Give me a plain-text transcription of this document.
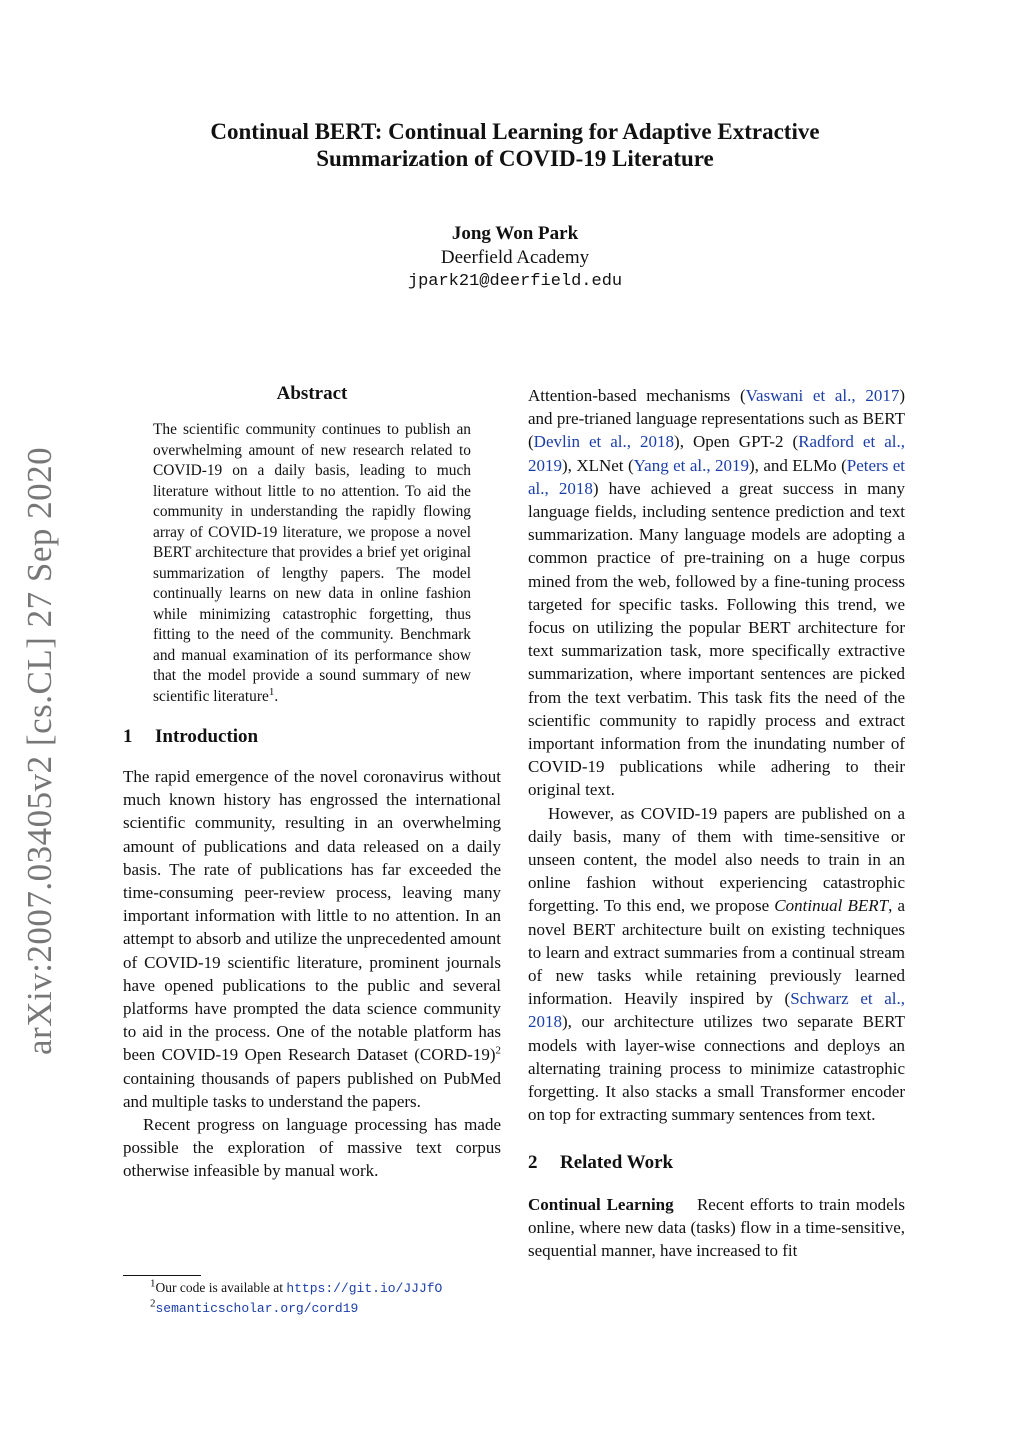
arXiv:2007.03405v2 [cs.CL] 27 Sep 2020
Continual BERT: Continual Learning for Adaptive Extractive
Summarization of COVID-19 Literature
Jong Won Park
Deerfield Academy
jpark21@deerfield.edu
Abstract
The scientific community continues to publish an overwhelming amount of new research related to COVID-19 on a daily basis, leading to much literature without little to no attention. To aid the community in understanding the rapidly flowing array of COVID-19 literature, we propose a novel BERT architecture that provides a brief yet original summarization of lengthy papers. The model continually learns on new data in online fashion while minimizing catastrophic forgetting, thus fitting to the need of the community. Benchmark and manual examination of its performance show that the model provide a sound summary of new scientific literature$^1$.
1 Introduction

The rapid emergence of the novel coronavirus without much known history has engrossed the international scientific community, resulting in an overwhelming amount of publications and data released on a daily basis. The rate of publications has far exceeded the time-consuming peer-review process, leaving many important information with little to no attention. In an attempt to absorb and utilize the unprecedented amount of COVID-19 scientific literature, prominent journals have opened publications to the public and several platforms have prompted the data science community to aid in the process. One of the notable platform has been COVID-19 Open Research Dataset (CORD-19)$^2$ containing thousands of papers published on PubMed and multiple tasks to understand the papers.

Recent progress on language processing has made possible the exploration of massive text corpus otherwise infeasible by manual work.

Attention-based mechanisms (Vaswani et al., 2017) and pre-trianed language representations such as BERT (Devlin et al., 2018), Open GPT-2 (Radford et al., 2019), XLNet (Yang et al., 2019), and ELMo (Peters et al., 2018) have achieved a great success in many language fields, including sentence prediction and text summarization. Many language models are adopting a common practice of pre-training on a huge corpus mined from the web, followed by a fine-tuning process targeted for specific tasks. Following this trend, we focus on utilizing the popular BERT architecture for text summarization task, more specifically extractive summarization, where important sentences are picked from the text verbatim. This task fits the need of the scientific community to rapidly process and extract important information from the inundating number of COVID-19 publications while adhering to their original text.

However, as COVID-19 papers are published on a daily basis, many of them with time-sensitive or unseen content, the model also needs to train in an online fashion without experiencing catastrophic forgetting. To this end, we propose Continual BERT, a novel BERT architecture built on existing techniques to learn and extract summaries from a continual stream of new tasks while retaining previously learned information. Heavily inspired by (Schwarz et al., 2018), our architecture utilizes two separate BERT models with layer-wise connections and deploys an alternating training process to minimize catastrophic forgetting. It also stacks a small Transformer encoder on top for extracting summary sentences from text.

2 Related Work

Continual Learning Recent efforts to train models online, where new data (tasks) flow in a time-sensitive, sequential manner, have increased to fit

$^1$Our code is available at https://git.io/JJJfO
$^2$semanticscholar.org/cord19
